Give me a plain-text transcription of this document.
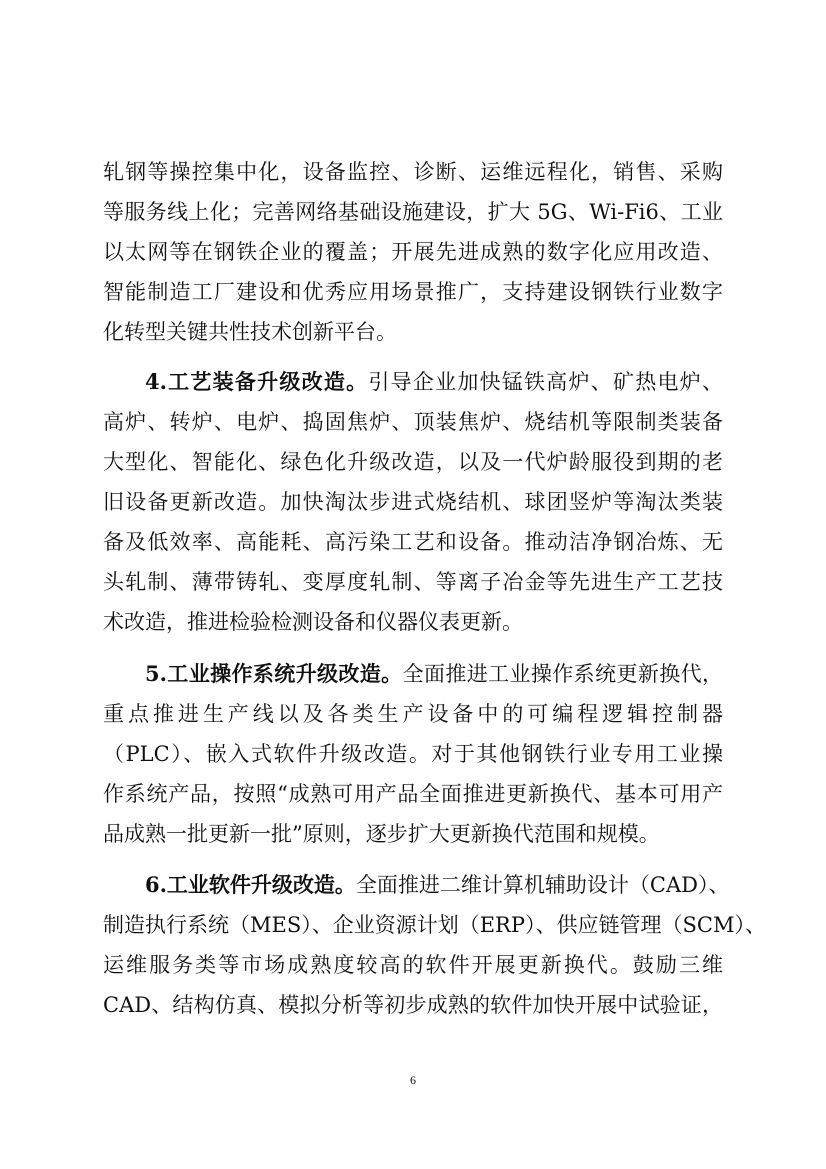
轧钢等操控集中化，设备监控、诊断、运维远程化，销售、采购
等服务线上化；完善网络基础设施建设，扩大 5G、Wi-Fi6、工业
以太网等在钢铁企业的覆盖；开展先进成熟的数字化应用改造、
智能制造工厂建设和优秀应用场景推广，支持建设钢铁行业数字
化转型关键共性技术创新平台。
4.工艺装备升级改造。引导企业加快锰铁高炉、矿热电炉、
高炉、转炉、电炉、捣固焦炉、顶装焦炉、烧结机等限制类装备
大型化、智能化、绿色化升级改造，以及一代炉龄服役到期的老
旧设备更新改造。加快淘汰步进式烧结机、球团竖炉等淘汰类装
备及低效率、高能耗、高污染工艺和设备。推动洁净钢冶炼、无
头轧制、薄带铸轧、变厚度轧制、等离子冶金等先进生产工艺技
术改造，推进检验检测设备和仪器仪表更新。
5.工业操作系统升级改造。全面推进工业操作系统更新换代，
重点推进生产线以及各类生产设备中的可编程逻辑控制器
（PLC）、嵌入式软件升级改造。对于其他钢铁行业专用工业操
作系统产品，按照“成熟可用产品全面推进更新换代、基本可用产
品成熟一批更新一批”原则，逐步扩大更新换代范围和规模。
6.工业软件升级改造。全面推进二维计算机辅助设计（CAD）、
制造执行系统（MES）、企业资源计划（ERP）、供应链管理（SCM）、
运维服务类等市场成熟度较高的软件开展更新换代。鼓励三维
CAD、结构仿真、模拟分析等初步成熟的软件加快开展中试验证，
6
